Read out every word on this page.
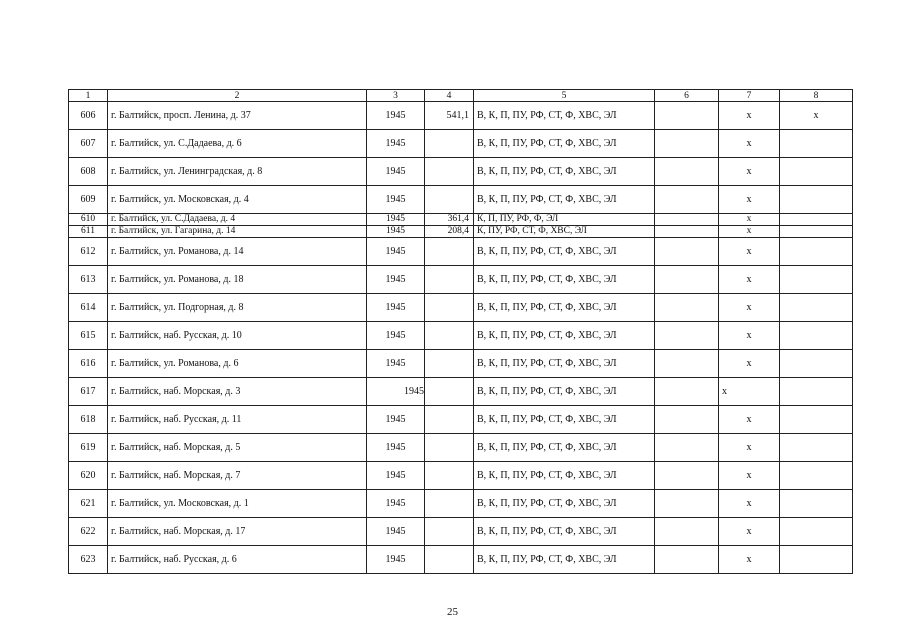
1	2	3	4	5	6	7	8
606	г. Балтийск, просп. Ленина, д. 37	1945	541,1	В, К, П, ПУ, РФ, СТ, Ф, ХВС, ЭЛ		x	x
607	г. Балтийск, ул. С.Дадаева, д. 6	1945		В, К, П, ПУ, РФ, СТ, Ф, ХВС, ЭЛ		x	
608	г. Балтийск, ул. Ленинградская, д. 8	1945		В, К, П, ПУ, РФ, СТ, Ф, ХВС, ЭЛ		x	
609	г. Балтийск, ул. Московская, д. 4	1945		В, К, П, ПУ, РФ, СТ, Ф, ХВС, ЭЛ		x	
610	г. Балтийск, ул. С.Дадаева, д. 4	1945	361,4	К, П, ПУ, РФ, Ф, ЭЛ		x	
611	г. Балтийск, ул. Гагарина, д. 14	1945	208,4	К, ПУ, РФ, СТ, Ф, ХВС, ЭЛ		x	
612	г. Балтийск, ул. Романова, д. 14	1945		В, К, П, ПУ, РФ, СТ, Ф, ХВС, ЭЛ		x	
613	г. Балтийск, ул. Романова, д. 18	1945		В, К, П, ПУ, РФ, СТ, Ф, ХВС, ЭЛ		x	
614	г. Балтийск, ул. Подгорная, д. 8	1945		В, К, П, ПУ, РФ, СТ, Ф, ХВС, ЭЛ		x	
615	г. Балтийск, наб. Русская, д. 10	1945		В, К, П, ПУ, РФ, СТ, Ф, ХВС, ЭЛ		x	
616	г. Балтийск, ул. Романова, д. 6	1945		В, К, П, ПУ, РФ, СТ, Ф, ХВС, ЭЛ		x	
617	г. Балтийск, наб. Морская, д. 3	1945		В, К, П, ПУ, РФ, СТ, Ф, ХВС, ЭЛ		x	
618	г. Балтийск, наб. Русская, д. 11	1945		В, К, П, ПУ, РФ, СТ, Ф, ХВС, ЭЛ		x	
619	г. Балтийск, наб. Морская, д. 5	1945		В, К, П, ПУ, РФ, СТ, Ф, ХВС, ЭЛ		x	
620	г. Балтийск, наб. Морская, д. 7	1945		В, К, П, ПУ, РФ, СТ, Ф, ХВС, ЭЛ		x	
621	г. Балтийск, ул. Московская, д. 1	1945		В, К, П, ПУ, РФ, СТ, Ф, ХВС, ЭЛ		x	
622	г. Балтийск, наб. Морская, д. 17	1945		В, К, П, ПУ, РФ, СТ, Ф, ХВС, ЭЛ		x	
623	г. Балтийск, наб. Русская, д. 6	1945		В, К, П, ПУ, РФ, СТ, Ф, ХВС, ЭЛ		x	
25
